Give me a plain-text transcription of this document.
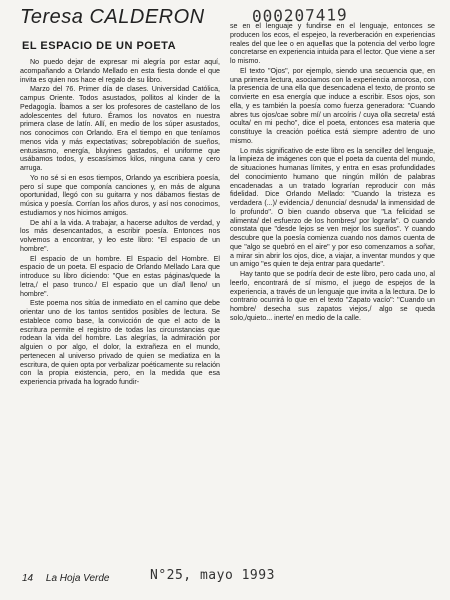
Teresa CALDERON	000207419
EL ESPACIO DE UN POETA

No puedo dejar de expresar mi alegría por estar aquí, acompañando a Orlando Mellado en esta fiesta donde el que invita es quien nos hace el regalo de su libro.

Marzo del 76. Primer día de clases. Universidad Católica, campus Oriente. Todos asustados, pollitos al kínder de la Pedagogía. Íbamos a ser los profesores de castellano de los adolescentes del futuro. Éramos los novatos en nuestra primera clase de latín. Allí, en medio de los súper asustados, nos conocimos con Orlando. Era el tiempo en que teníamos menos vida y más expectativas; sobrepoblación de sueños, entusiasmo, energía, bluyines gastados, el uniforme que usábamos todos, y escasísimos kilos, ninguna cana y cero arruga.

Yo no sé si en esos tiempos, Orlando ya escribiera poesía, pero sí supe que componía canciones y, en más de alguna oportunidad, llegó con su guitarra y nos dábamos fiestas de música y poesía. Corrían los años duros, y así nos conocimos, estudiamos y nos hicimos amigos.

De ahí a la vida. A trabajar, a hacerse adultos de verdad, y los más desencantados, a escribir poesía. Entonces nos volvemos a encontrar, y leo este libro: "El espacio de un hombre".

El espacio de un hombre. El Espacio del Hombre. El espacio de un poeta. El espacio de Orlando Mellado Lara que introduce su libro diciendo: "Que en estas páginas/quede la letra,/ el paso trunco./ El espacio que un día/l lleno/ un hombre".

Este poema nos sitúa de inmediato en el camino que debe orientar uno de los tantos sentidos posibles de lectura. Se establece como base, la convicción de que el acto de la escritura permite el registro de todas las circunstancias que rodean la vida del hombre. Las alegrías, la admiración por alguien o por algo, el dolor, la extrañeza en el mundo, pertenecen al universo privado de quien se mediatiza en la escritura, de quien opta por verbalizar poéticamente su relación con la propia existencia, pero, en la medida que esa experiencia privada ha logrado fundir-

se en el lenguaje y fundirse en el lenguaje, entonces se producen los ecos, el espejeo, la reverberación en experiencias reales del que lee o en aquellas que la potencia del verbo logre concretarse en experiencia intuida para el lector. Que viene a ser lo mismo.

El texto "Ojos", por ejemplo, siendo una secuencia que, en una primera lectura, asociamos con la experiencia amorosa, con la presencia de una ella que desencadena el texto, de pronto se convierte en esa energía que induce a escribir. Esos ojos, son ella, y es también la poesía como fuerza generadora: "Cuando abres tus ojos/cae sobre mí/ un arcoíris / cuya olla secreta/ está oculta/ en mi pecho", dice el poeta, entonces esa materia que constituye la creación poética está siempre adentro de uno mismo.

Lo más significativo de este libro es la sencillez del lenguaje, la limpieza de imágenes con que el poeta da cuenta del mundo, de situaciones humanas límites, y entra en esas profundidades del conocimiento humano que ningún millón de palabras encadenadas a un tratado lograrían reproducir con más fidelidad. Dice Orlando Mellado: "Cuando la tristeza es verdadera (...)/ evidencia,/ denuncia/ desnuda/ la inmensidad de lo profundo". O bien cuando observa que "La felicidad se alimenta/ del esfuerzo de los hombres/ por lograrla". O cuando constata que "desde lejos se ven mejor los sueños". Y cuando descubre que la poesía comienza cuando nos damos cuenta de que "algo se quebró en el aire" y por eso comenzamos a soñar, a mirar sin abrir los ojos, dice, a viajar, a inventar mundos y que un amigo "es quien te deja entrar para quedarte".

Hay tanto que se podría decir de este libro, pero cada uno, al leerlo, encontrará de sí mismo, el juego de espejos de la experiencia, a través de un lenguaje que invita a la lectura. De lo contrario ocurrirá lo que en el texto "Zapato vacío": "Cuando un hombre/ desecha sus zapatos viejos,/ algo se queda solo,/quieto... inerte/ en medio de la calle.

14 La Hoja Verde	N°25, mayo 1993
